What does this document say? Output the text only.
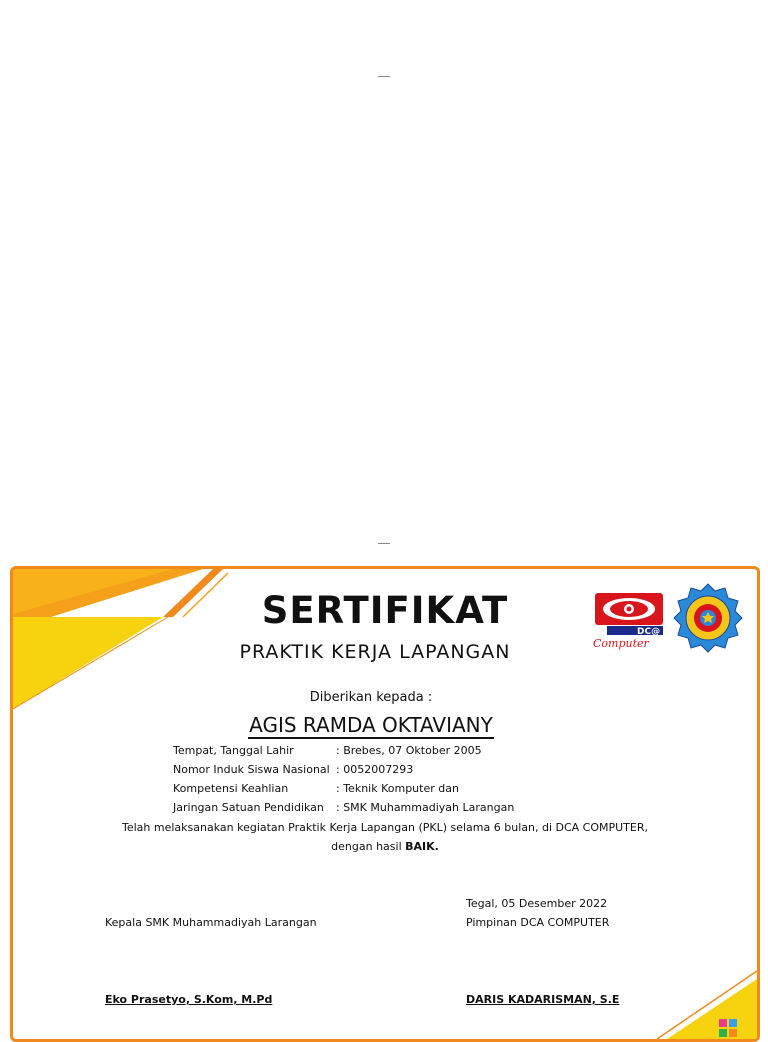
SERTIFIKAT
PRAKTIK KERJA LAPANGAN
DC@
Computer
Diberikan kepada :
AGIS RAMDA OKTAVIANY
Tempat, Tanggal Lahir	: Brebes, 07 Oktober 2005
Nomor Induk Siswa Nasional : 0052007293
Kompetensi Keahlian	: Teknik Komputer dan
Jaringan Satuan Pendidikan : SMK Muhammadiyah Larangan
Telah melaksanakan kegiatan Praktik Kerja Lapangan (PKL) selama 6 bulan, di DCA COMPUTER,
dengan hasil BAIK.
Tegal, 05 Desember 2022
Kepala SMK Muhammadiyah Larangan	Pimpinan DCA COMPUTER
Eko Prasetyo, S.Kom, M.Pd	DARIS KADARISMAN, S.E
